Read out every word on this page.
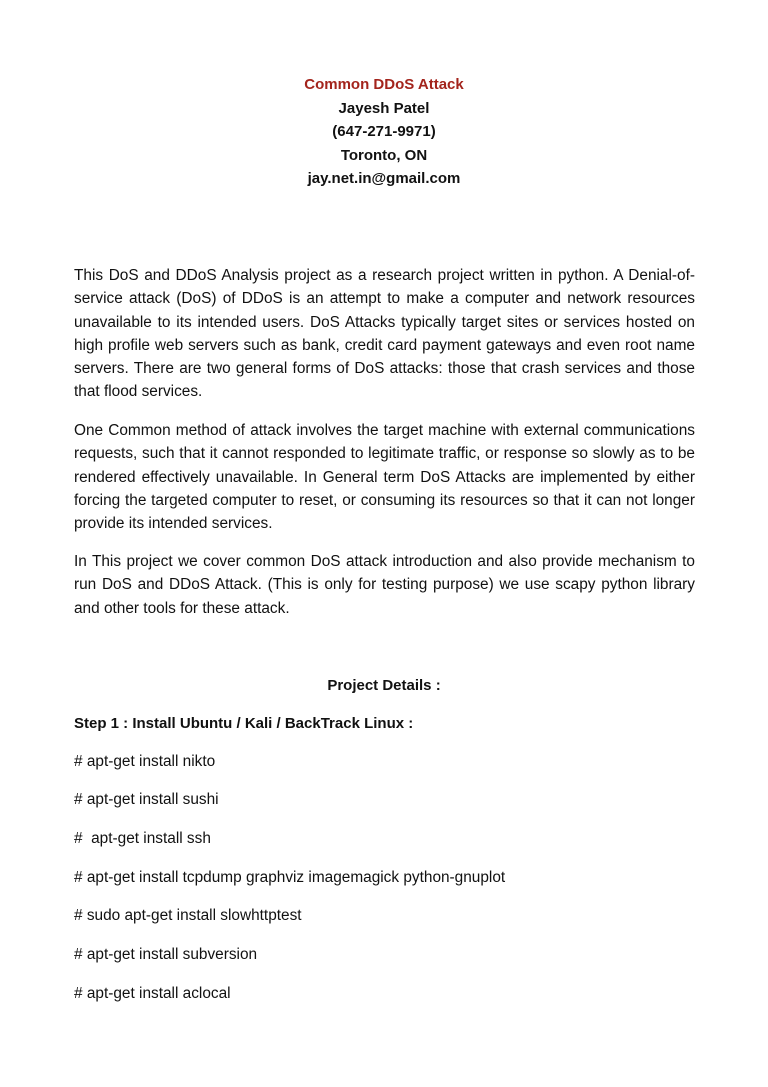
Common DDoS Attack
Jayesh Patel
(647-271-9971)
Toronto, ON
jay.net.in@gmail.com

This DoS and DDoS Analysis project as a research project written in python. A Denial-of-service attack (DoS) of DDoS is an attempt to make a computer and network resources unavailable to its intended users. DoS Attacks typically target sites or services hosted on high profile web servers such as bank, credit card payment gateways and even root name servers. There are two general forms of DoS attacks: those that crash services and those that flood services.

One Common method of attack involves the target machine with external communications requests, such that it cannot responded to legitimate traffic, or response so slowly as to be rendered effectively unavailable. In General term DoS Attacks are implemented by either forcing the targeted computer to reset, or consuming its resources so that it can not longer provide its intended services.

In This project we cover common DoS attack introduction and also provide mechanism to run DoS and DDoS Attack. (This is only for testing purpose) we use scapy python library and other tools for these attack.

Project Details :
Step 1 : Install Ubuntu / Kali / BackTrack Linux :
# apt-get install nikto
# apt-get install sushi
#  apt-get install ssh
# apt-get install tcpdump graphviz imagemagick python-gnuplot
# sudo apt-get install slowhttptest
# apt-get install subversion
# apt-get install aclocal
